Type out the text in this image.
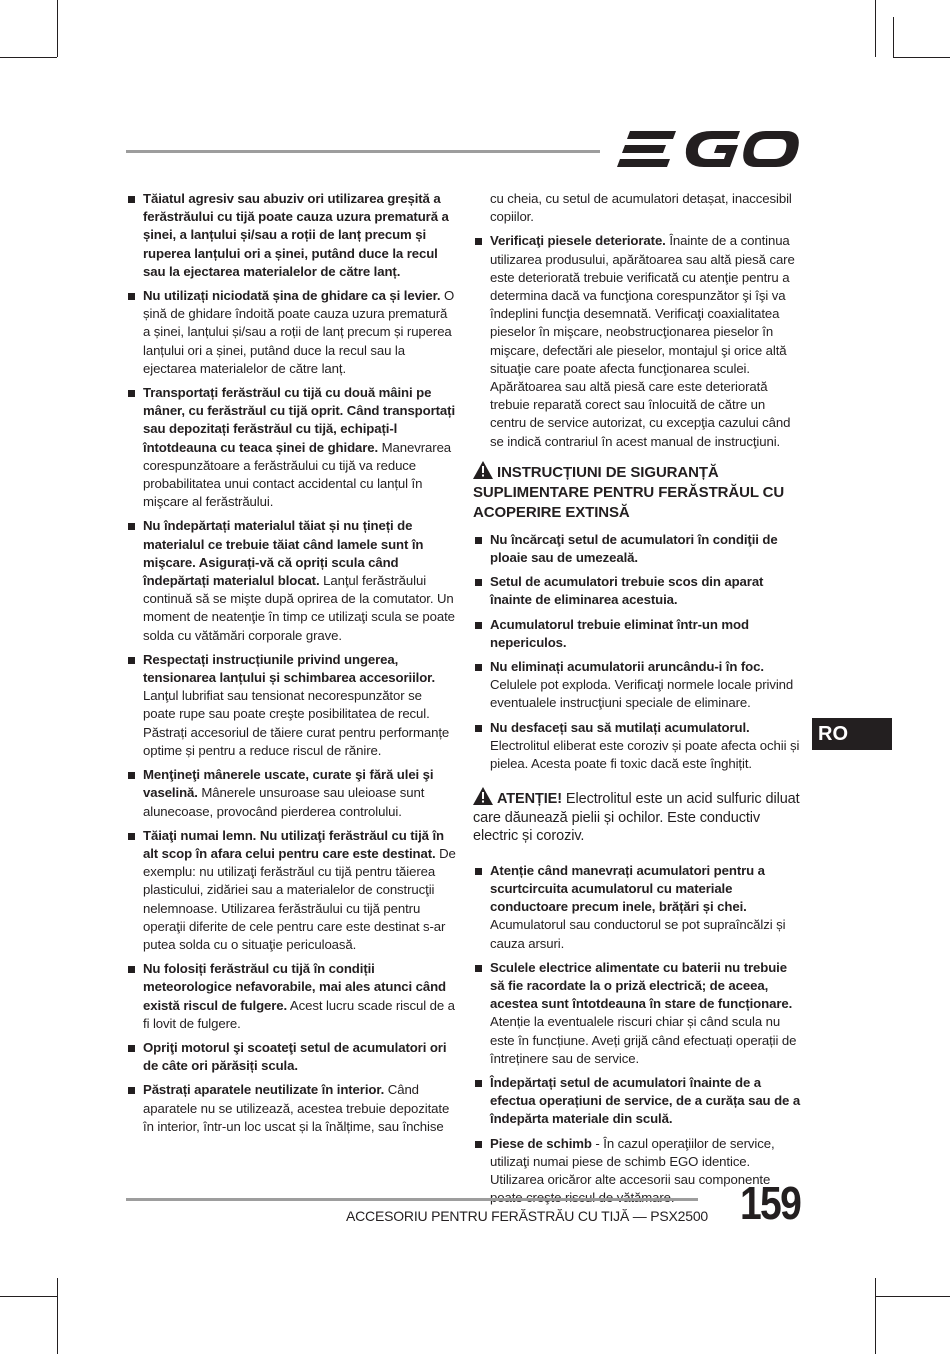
Tăiatul agresiv sau abuziv ori utilizarea greșită a ferăstrăului cu tijă poate cauza uzura prematură a șinei, a lanțului și/sau a roții de lanț precum și ruperea lanțului ori a șinei, putând duce la recul sau la ejectarea materialelor de către lanț.
Nu utilizați niciodată șina de ghidare ca și levier. O șină de ghidare îndoită poate cauza uzura prematură a șinei, lanțului și/sau a roții de lanț precum și ruperea lanțului ori a șinei, putând duce la recul sau la ejectarea materialelor de către lanț.
Transportați ferăstrăul cu tijă cu două mâini pe mâner, cu ferăstrăul cu tijă oprit. Când transportați sau depozitați ferăstrăul cu tijă, echipați-l întotdeauna cu teaca șinei de ghidare. Manevrarea corespunzătoare a ferăstrăului cu tijă va reduce probabilitatea unui contact accidental cu lanțul în mişcare al ferăstrăului.
Nu îndepărtați materialul tăiat și nu țineți de materialul ce trebuie tăiat când lamele sunt în mişcare. Asigurați-vă că opriți scula când îndepărtați materialul blocat. Lanţul ferăstrăului continuă să se mişte după oprirea de la comutator. Un moment de neatenţie în timp ce utilizaţi scula se poate solda cu vătămări corporale grave.
Respectați instrucțiunile privind ungerea, tensionarea lanțului și schimbarea accesoriilor. Lanţul lubrifiat sau tensionat necorespunzător se poate rupe sau poate creşte posibilitatea de recul. Păstrați accesoriul de tăiere curat pentru performanțe optime și pentru a reduce riscul de rănire.
Menţineţi mânerele uscate, curate şi fără ulei şi vaselină. Mânerele unsuroase sau uleioase sunt alunecoase, provocând pierderea controlului.
Tăiaţi numai lemn. Nu utilizaţi ferăstrăul cu tijă în alt scop în afara celui pentru care este destinat. De exemplu: nu utilizaţi ferăstrăul cu tijă pentru tăierea plasticului, zidăriei sau a materialelor de construcţii nelemnoase. Utilizarea ferăstrăului cu tijă pentru operaţii diferite de cele pentru care este destinat s-ar putea solda cu o situaţie periculoasă.
Nu folosiți ferăstrăul cu tijă în condiții meteorologice nefavorabile, mai ales atunci când există riscul de fulgere. Acest lucru scade riscul de a fi lovit de fulgere.
Opriţi motorul şi scoateţi setul de acumulatori ori de câte ori părăsiți scula.
Păstrați aparatele neutilizate în interior. Când aparatele nu se utilizează, acestea trebuie depozitate în interior, într-un loc uscat și la înălțime, sau închise
cu cheia, cu setul de acumulatori detașat, inaccesibil copiilor.
Verificaţi piesele deteriorate. Înainte de a continua utilizarea produsului, apărătoarea sau altă piesă care este deteriorată trebuie verificată cu atenţie pentru a determina dacă va funcţiona corespunzător şi îşi va îndeplini funcţia desemnată. Verificaţi coaxialitatea pieselor în mişcare, neobstrucţionarea pieselor în mişcare, defectări ale pieselor, montajul şi orice altă situaţie care poate afecta funcţionarea sculei. Apărătoarea sau altă piesă care este deteriorată trebuie reparată corect sau înlocuită de către un centru de service autorizat, cu excepţia cazului când se indică contrariul în acest manual de instrucţiuni.
INSTRUCȚIUNI DE SIGURANȚĂ SUPLIMENTARE PENTRU FERĂSTRĂUL CU ACOPERIRE EXTINSĂ
Nu încărcaţi setul de acumulatori în condiţii de ploaie sau de umezeală.
Setul de acumulatori trebuie scos din aparat înainte de eliminarea acestuia.
Acumulatorul trebuie eliminat într-un mod nepericulos.
Nu eliminați acumulatorii aruncându-i în foc. Celulele pot exploda. Verificaţi normele locale privind eventualele instrucţiuni speciale de eliminare.
Nu desfaceți sau să mutilați acumulatorul. Electrolitul eliberat este coroziv și poate afecta ochii și pielea. Acesta poate fi toxic dacă este înghițit.
ATENȚIE! Electrolitul este un acid sulfuric diluat care dăunează pielii și ochilor. Este conductiv electric și coroziv.
Atenție când manevrați acumulatori pentru a scurtcircuita acumulatorul cu materiale conductoare precum inele, brățări și chei. Acumulatorul sau conductorul se pot supraîncălzi și cauza arsuri.
Sculele electrice alimentate cu baterii nu trebuie să fie racordate la o priză electrică; de aceea, acestea sunt întotdeauna în stare de funcționare. Atenție la eventualele riscuri chiar și când scula nu este în funcțiune. Aveți grijă când efectuați operații de întreținere sau de service.
Îndepărtați setul de acumulatori înainte de a efectua operațiuni de service, de a curăța sau de a îndepărta materiale din sculă.
Piese de schimb - În cazul operaţiilor de service, utilizaţi numai piese de schimb EGO identice. Utilizarea oricăror alte accesorii sau componente
RO
ACCESORIU PENTRU FERĂSTRĂU CU TIJĂ — PSX2500 159
